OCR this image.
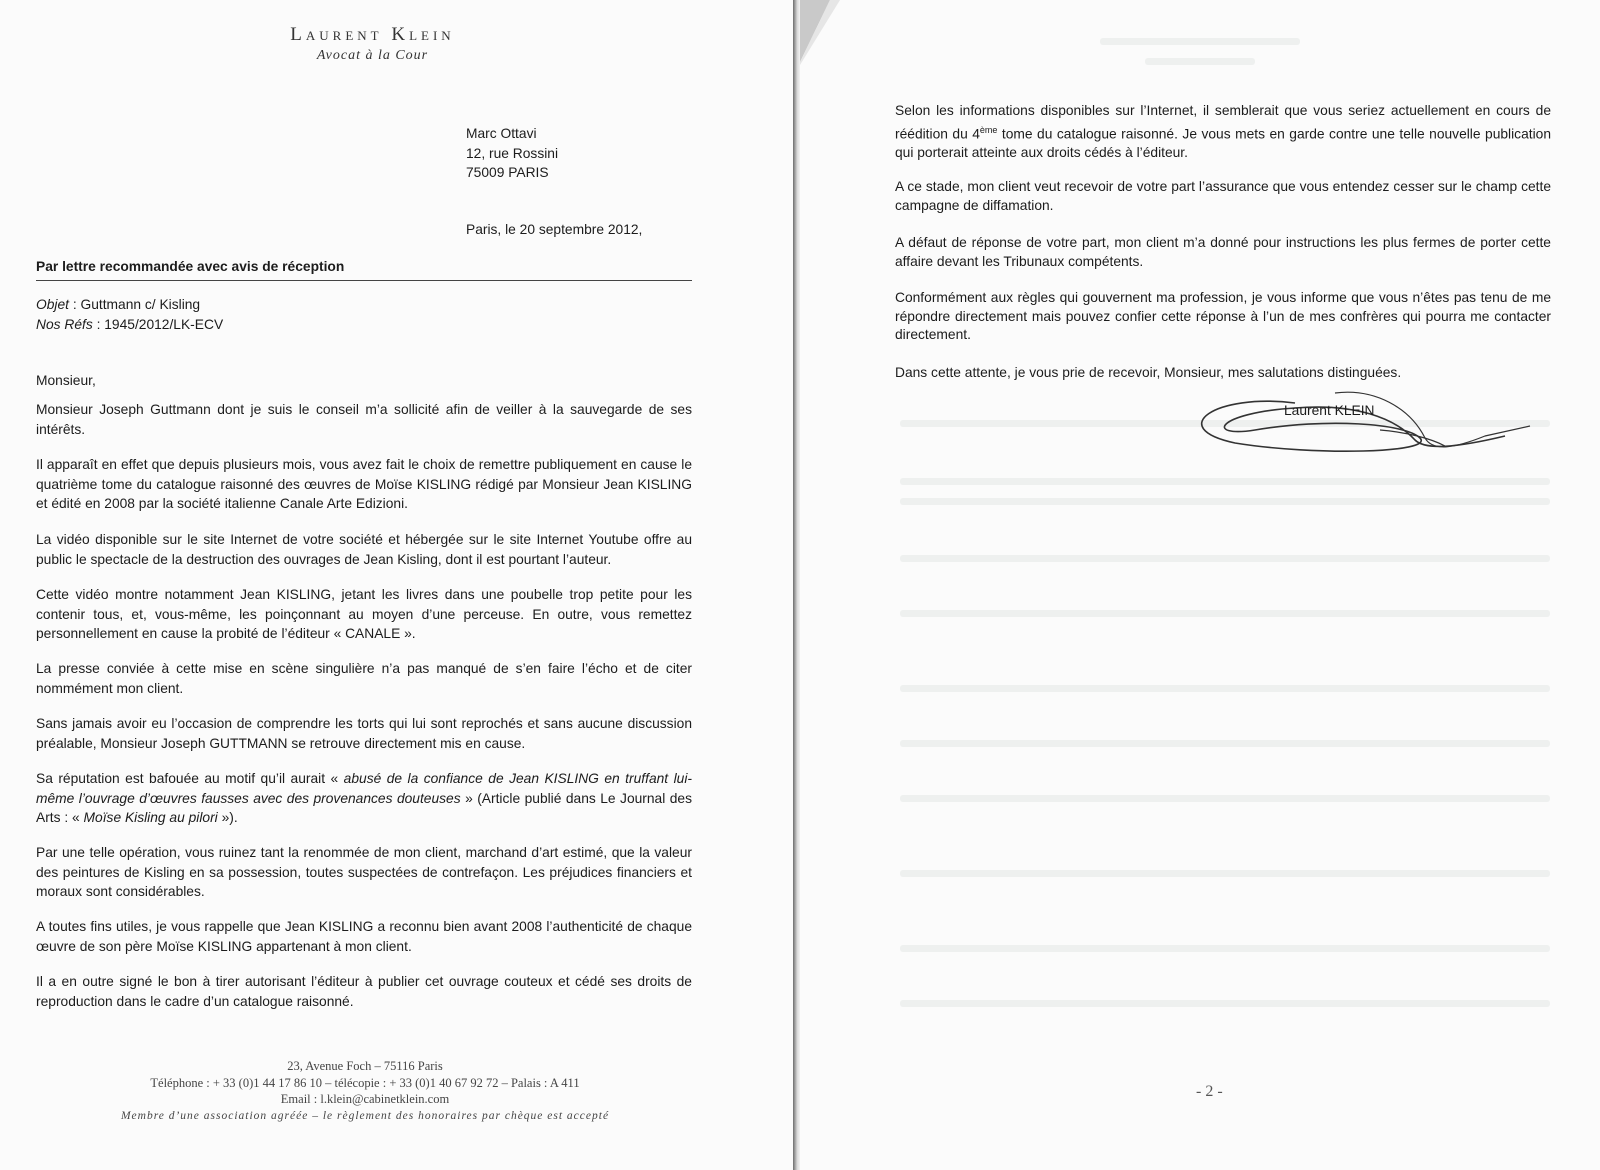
Laurent Klein
Avocat à la Cour
Marc Ottavi
12, rue Rossini
75009 PARIS
Paris, le 20 septembre 2012,
Par lettre recommandée avec avis de réception
Objet : Guttmann c/ Kisling
Nos Réfs : 1945/2012/LK-ECV
Monsieur,
Monsieur Joseph Guttmann dont je suis le conseil m’a sollicité afin de veiller à la sauvegarde de ses intérêts.
Il apparaît en effet que depuis plusieurs mois, vous avez fait le choix de remettre publiquement en cause le quatrième tome du catalogue raisonné des œuvres de Moïse KISLING rédigé par Monsieur Jean KISLING et édité en 2008 par la société italienne Canale Arte Edizioni.
La vidéo disponible sur le site Internet de votre société et hébergée sur le site Internet Youtube offre au public le spectacle de la destruction des ouvrages de Jean Kisling, dont il est pourtant l’auteur.
Cette vidéo montre notamment Jean KISLING, jetant les livres dans une poubelle trop petite pour les contenir tous, et, vous-même, les poinçonnant au moyen d’une perceuse. En outre, vous remettez personnellement en cause la probité de l’éditeur « CANALE ».
La presse conviée à cette mise en scène singulière n’a pas manqué de s’en faire l’écho et de citer nommément mon client.
Sans jamais avoir eu l’occasion de comprendre les torts qui lui sont reprochés et sans aucune discussion préalable, Monsieur Joseph GUTTMANN se retrouve directement mis en cause.
Sa réputation est bafouée au motif qu’il aurait « abusé de la confiance de Jean KISLING en truffant lui-même l’ouvrage d’œuvres fausses avec des provenances douteuses » (Article publié dans Le Journal des Arts : « Moïse Kisling au pilori »).
Par une telle opération, vous ruinez tant la renommée de mon client, marchand d’art estimé, que la valeur des peintures de Kisling en sa possession, toutes suspectées de contrefaçon. Les préjudices financiers et moraux sont considérables.
A toutes fins utiles, je vous rappelle que Jean KISLING a reconnu bien avant 2008 l’authenticité de chaque œuvre de son père Moïse KISLING appartenant à mon client.
Il a en outre signé le bon à tirer autorisant l’éditeur à publier cet ouvrage couteux et cédé ses droits de reproduction dans le cadre d’un catalogue raisonné.
23, Avenue Foch – 75116 Paris
Téléphone : + 33 (0)1 44 17 86 10 – télécopie : + 33 (0)1 40 67 92 72 – Palais : A 411
Email : l.klein@cabinetklein.com
Membre d’une association agréée – le règlement des honoraires par chèque est accepté
Selon les informations disponibles sur l’Internet, il semblerait que vous seriez actuellement en cours de réédition du 4ème tome du catalogue raisonné. Je vous mets en garde contre une telle nouvelle publication qui porterait atteinte aux droits cédés à l’éditeur.
A ce stade, mon client veut recevoir de votre part l’assurance que vous entendez cesser sur le champ cette campagne de diffamation.
A défaut de réponse de votre part, mon client m’a donné pour instructions les plus fermes de porter cette affaire devant les Tribunaux compétents.
Conformément aux règles qui gouvernent ma profession, je vous informe que vous n’êtes pas tenu de me répondre directement mais pouvez confier cette réponse à l’un de mes confrères qui pourra me contacter directement.
Dans cette attente, je vous prie de recevoir, Monsieur, mes salutations distinguées.
Laurent KLEIN
- 2 -
